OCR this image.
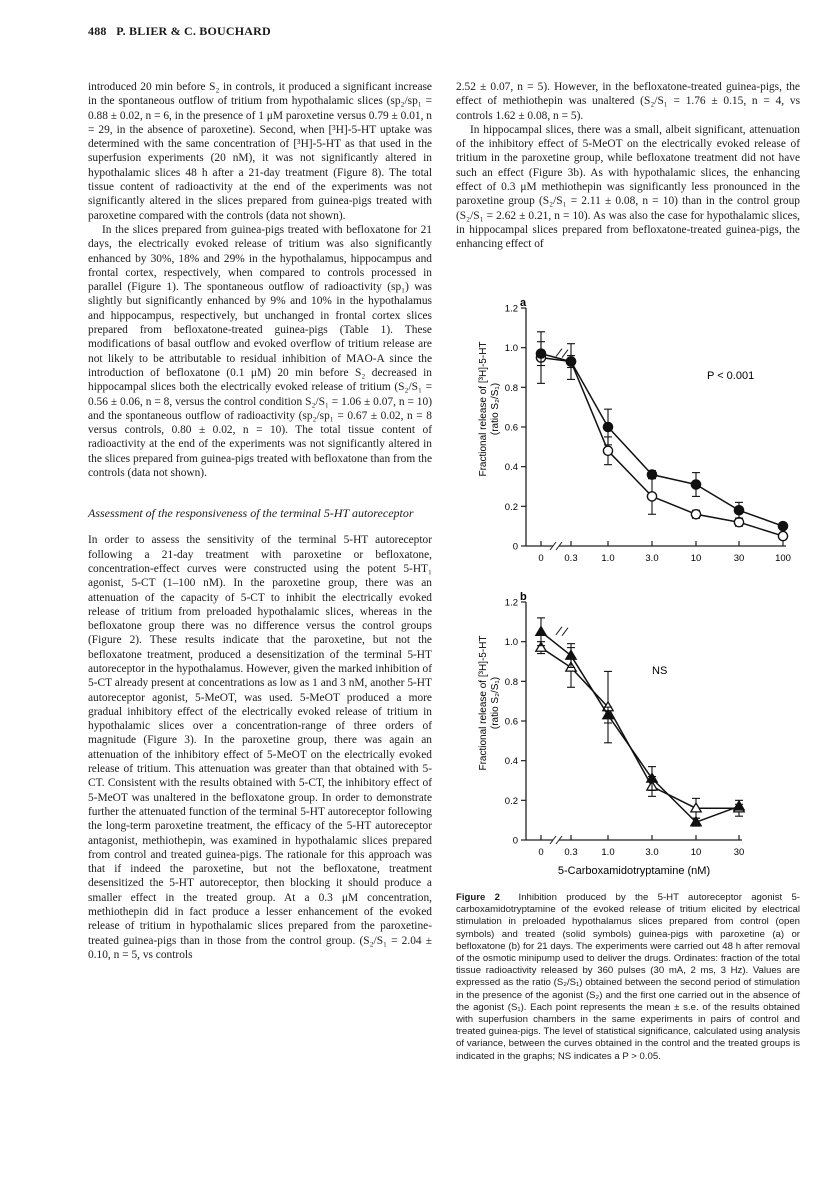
488 P. BLIER & C. BOUCHARD

introduced 20 min before S₂ in controls, it produced a significant increase in the spontaneous outflow of tritium from hypothalamic slices (sp₂/sp₁ = 0.88 ± 0.02, n = 6, in the presence of 1 μM paroxetine versus 0.79 ± 0.01, n = 29, in the absence of paroxetine). Second, when [³H]-5-HT uptake was determined with the same concentration of [³H]-5-HT as that used in the superfusion experiments (20 nM), it was not significantly altered in hypothalamic slices 48 h after a 21-day treatment (Figure 8). The total tissue content of radioactivity at the end of the experiments was not significantly altered in the slices prepared from guinea-pigs treated with paroxetine compared with the controls (data not shown).

In the slices prepared from guinea-pigs treated with befloxatone for 21 days, the electrically evoked release of tritium was also significantly enhanced by 30%, 18% and 29% in the hypothalamus, hippocampus and frontal cortex, respectively, when compared to controls processed in parallel (Figure 1). The spontaneous outflow of radioactivity (sp₁) was slightly but significantly enhanced by 9% and 10% in the hypothalamus and hippocampus, respectively, but unchanged in frontal cortex slices prepared from befloxatone-treated guinea-pigs (Table 1). These modifications of basal outflow and evoked overflow of tritium release are not likely to be attributable to residual inhibition of MAO-A since the introduction of befloxatone (0.1 μM) 20 min before S₂ decreased in hippocampal slices both the electrically evoked release of tritium (S₂/S₁ = 0.56 ± 0.06, n = 8, versus the control condition S₂/S₁ = 1.06 ± 0.07, n = 10) and the spontaneous outflow of radioactivity (sp₂/sp₁ = 0.67 ± 0.02, n = 8 versus controls, 0.80 ± 0.02, n = 10). The total tissue content of radioactivity at the end of the experiments was not significantly altered in the slices prepared from guinea-pigs treated with befloxatone than from the controls (data not shown).

Assessment of the responsiveness of the terminal 5-HT autoreceptor

In order to assess the sensitivity of the terminal 5-HT autoreceptor following a 21-day treatment with paroxetine or befloxatone, concentration-effect curves were constructed using the potent 5-HT₁ agonist, 5-CT (1–100 nM). In the paroxetine group, there was an attenuation of the capacity of 5-CT to inhibit the electrically evoked release of tritium from preloaded hypothalamic slices, whereas in the befloxatone group there was no difference versus the control groups (Figure 2). These results indicate that the paroxetine, but not the befloxatone treatment, produced a desensitization of the terminal 5-HT autoreceptor in the hypothalamus. However, given the marked inhibition of 5-CT already present at concentrations as low as 1 and 3 nM, another 5-HT autoreceptor agonist, 5-MeOT, was used. 5-MeOT produced a more gradual inhibitory effect of the electrically evoked release of tritium in hypothalamic slices over a concentration-range of three orders of magnitude (Figure 3). In the paroxetine group, there was again an attenuation of the inhibitory effect of 5-MeOT on the electrically evoked release of tritium. This attenuation was greater than that obtained with 5-CT. Consistent with the results obtained with 5-CT, the inhibitory effect of 5-MeOT was unaltered in the befloxatone group. In order to demonstrate further the attenuated function of the terminal 5-HT autoreceptor following the long-term paroxetine treatment, the efficacy of the 5-HT autoreceptor antagonist, methiothepin, was examined in hypothalamic slices prepared from control and treated guinea-pigs. The rationale for this approach was that if indeed the paroxetine, but not the befloxatone, treatment desensitized the 5-HT autoreceptor, then blocking it should produce a smaller effect in the treated group. At a 0.3 μM concentration, methiothepin did in fact produce a lesser enhancement of the evoked release of tritium in hypothalamic slices prepared from the paroxetine-treated guinea-pigs than in those from the control group. (S₂/S₁ = 2.04 ± 0.10, n = 5, vs controls

2.52 ± 0.07, n = 5). However, in the befloxatone-treated guinea-pigs, the effect of methiothepin was unaltered (S₂/S₁ = 1.76 ± 0.15, n = 4, vs controls 1.62 ± 0.08, n = 5).

In hippocampal slices, there was a small, albeit significant, attenuation of the inhibitory effect of 5-MeOT on the electrically evoked release of tritium in the paroxetine group, while befloxatone treatment did not have such an effect (Figure 3b). As with hypothalamic slices, the enhancing effect of 0.3 μM methiothepin was significantly less pronounced in the paroxetine group (S₂/S₁ = 2.11 ± 0.08, n = 10) than in the control group (S₂/S₁ = 2.62 ± 0.21, n = 10). As was also the case for hypothalamic slices, in hippocampal slices prepared from befloxatone-treated guinea-pigs, the enhancing effect of

a
0
0.2
0.4
0.6
0.8
1.0
1.2
Fractional release of [³H]-5-HT(ratio S₂/S₁)
0 0.3	1.0	3.0	10	30	100
P < 0.001
b
0
0.2
0.4
0.6
0.8
1.0
1.2
Fractional release of [³H]-5-HT(ratio S₂/S₁)
0 0.3	1.0	3.0	10	30
5-Carboxamidotryptamine (nM)
NS
Figure 2 Inhibition produced by the 5-HT autoreceptor agonist 5-carboxamidotryptamine of the evoked release of tritium elicited by electrical stimulation in preloaded hypothalamus slices prepared from control (open symbols) and treated (solid symbols) guinea-pigs with paroxetine (a) or befloxatone (b) for 21 days. The experiments were carried out 48 h after removal of the osmotic minipump used to deliver the drugs. Ordinates: fraction of the total tissue radioactivity released by 360 pulses (30 mA, 2 ms, 3 Hz). Values are expressed as the ratio (S₂/S₁) obtained between the second period of stimulation in the presence of the agonist (S₂) and the first one carried out in the absence of the agonist (S₁). Each point represents the mean ± s.e. of the results obtained with superfusion chambers in the same experiments in pairs of control and treated guinea-pigs. The level of statistical significance, calculated using analysis of variance, between the curves obtained in the control and the treated groups is indicated in the graphs; NS indicates a P > 0.05.
